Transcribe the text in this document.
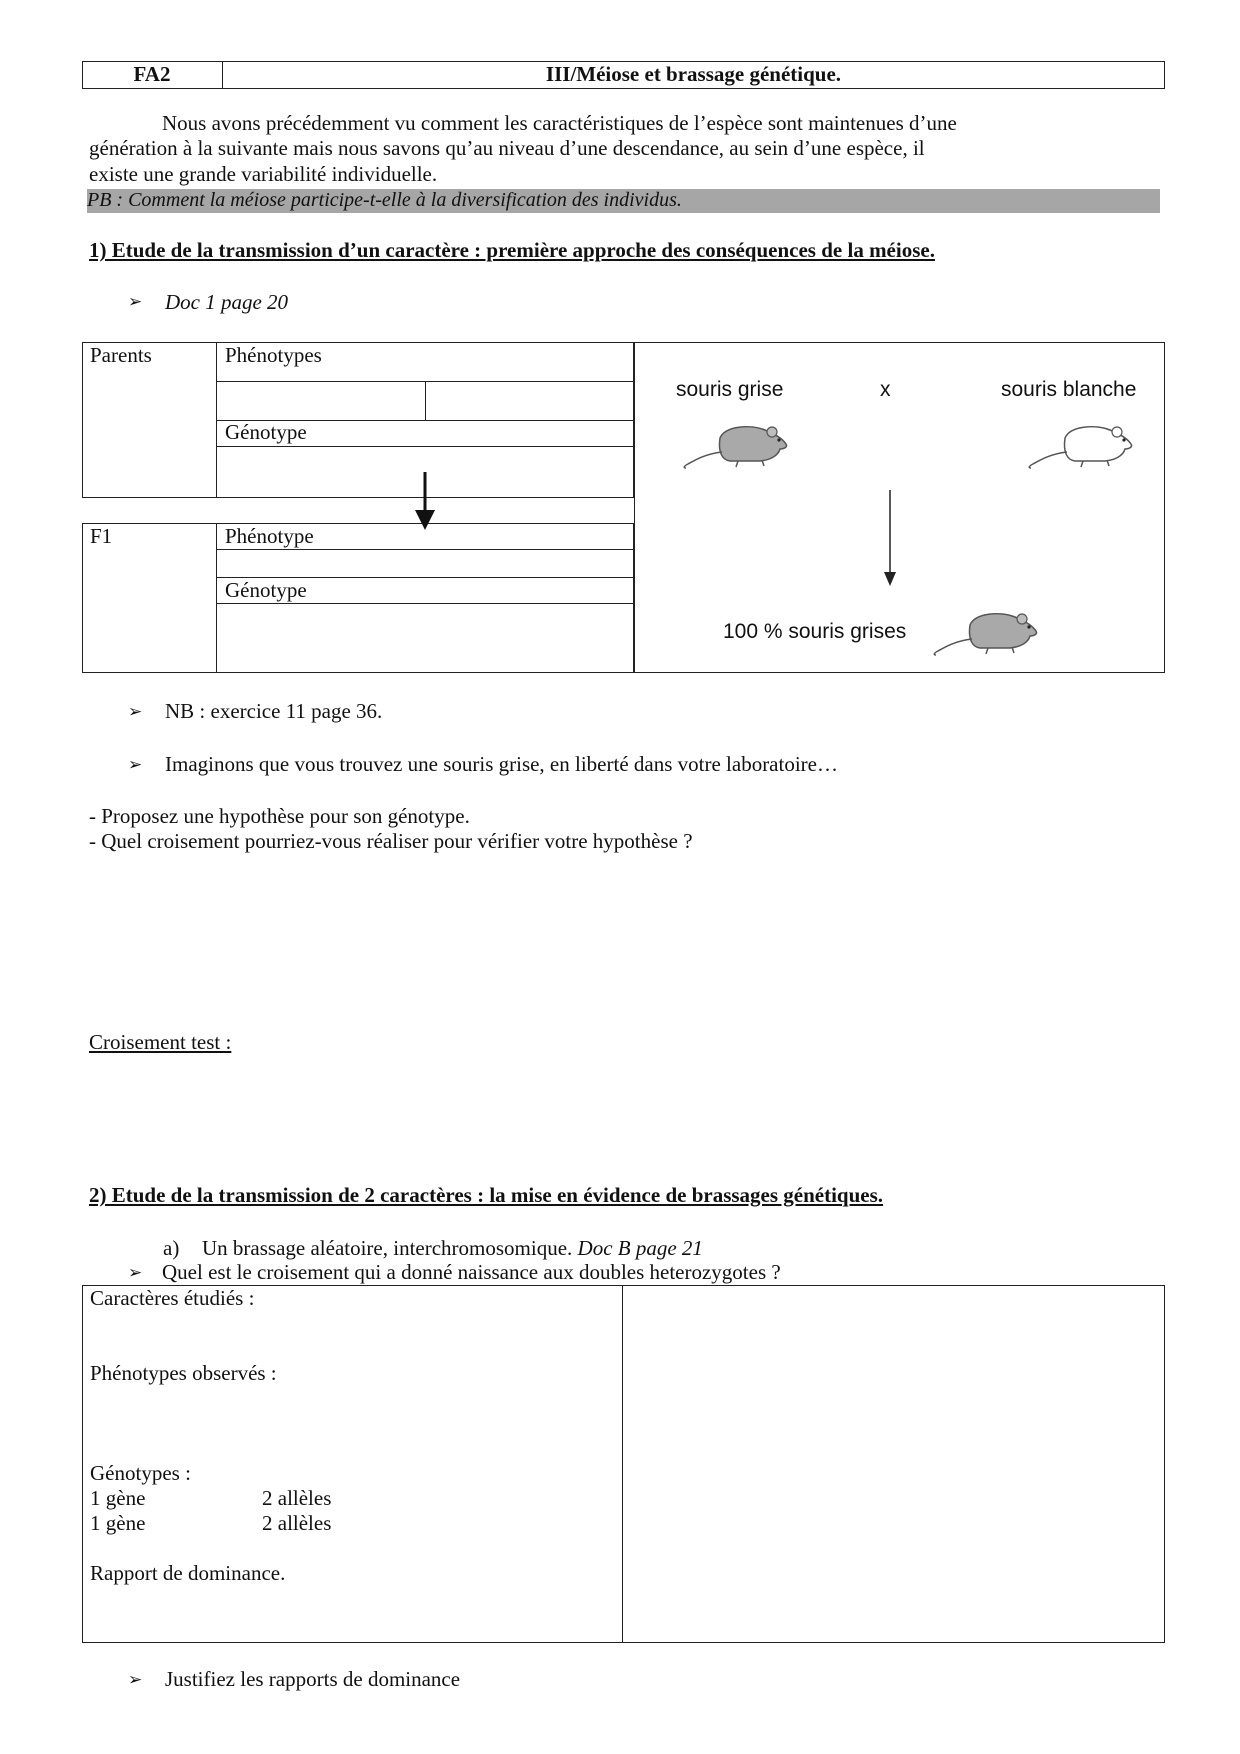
FA2	III/Méiose et brassage génétique.
Nous avons précédemment vu comment les caractéristiques de l’espèce sont maintenues d’une
génération à la suivante mais nous savons qu’au niveau d’une descendance, au sein d’une espèce, il
existe une grande variabilité individuelle.
PB : Comment la méiose participe-t-elle à la diversification des individus.
1) Etude de la transmission d’un caractère : première approche des conséquences de la méiose.
➢ Doc 1 page 20
Parents	Phénotypes
Génotype
F1	Phénotype
Génotype
souris grise	x	souris blanche
100 % souris grises
➢ NB : exercice 11 page 36.
➢ Imaginons que vous trouvez une souris grise, en liberté dans votre laboratoire…
- Proposez une hypothèse pour son génotype.
- Quel croisement pourriez-vous réaliser pour vérifier votre hypothèse ?
Croisement test :
2) Etude de la transmission de 2 caractères : la mise en évidence de brassages génétiques.
a) Un brassage aléatoire, interchromosomique. Doc B page 21
➢ Quel est le croisement qui a donné naissance aux doubles heterozygotes ?
Caractères étudiés :
Phénotypes observés :
Génotypes :
1 gène	2 allèles
1 gène	2 allèles
Rapport de dominance.
➢ Justifiez les rapports de dominance
